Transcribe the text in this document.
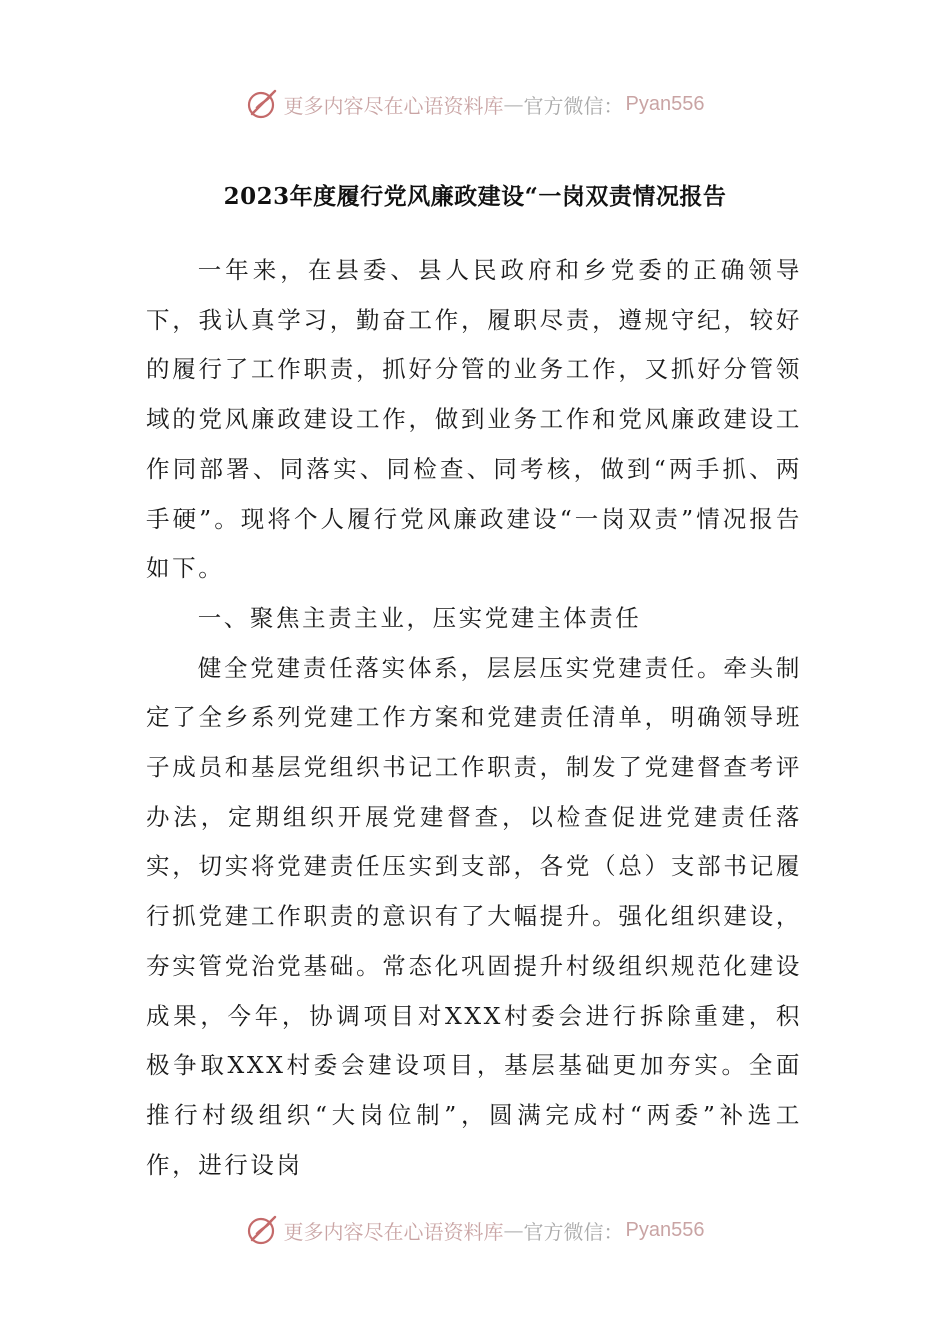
更多内容尽在心语资料库 — 官方微信： Pyan556
2023年度履行党风廉政建设“一岗双责情况报告

一年来，在县委、县人民政府和乡党委的正确领导下，我认真学习，勤奋工作，履职尽责，遵规守纪，较好的履行了工作职责，抓好分管的业务工作，又抓好分管领域的党风廉政建设工作，做到业务工作和党风廉政建设工作同部署、同落实、同检查、同考核，做到“两手抓、两手硬”。现将个人履行党风廉政建设“一岗双责”情况报告如下。

一、聚焦主责主业，压实党建主体责任

健全党建责任落实体系，层层压实党建责任。牵头制定了全乡系列党建工作方案和党建责任清单，明确领导班子成员和基层党组织书记工作职责，制发了党建督查考评办法，定期组织开展党建督查，以检查促进党建责任落实，切实将党建责任压实到支部，各党（总）支部书记履行抓党建工作职责的意识有了大幅提升。强化组织建设，夯实管党治党基础。常态化巩固提升村级组织规范化建设成果，今年，协调项目对XXX村委会进行拆除重建，积极争取XXX村委会建设项目，基层基础更加夯实。全面推行村级组织“大岗位制”，圆满完成村“两委”补选工作，进行设岗

更多内容尽在心语资料库 — 官方微信： Pyan556
